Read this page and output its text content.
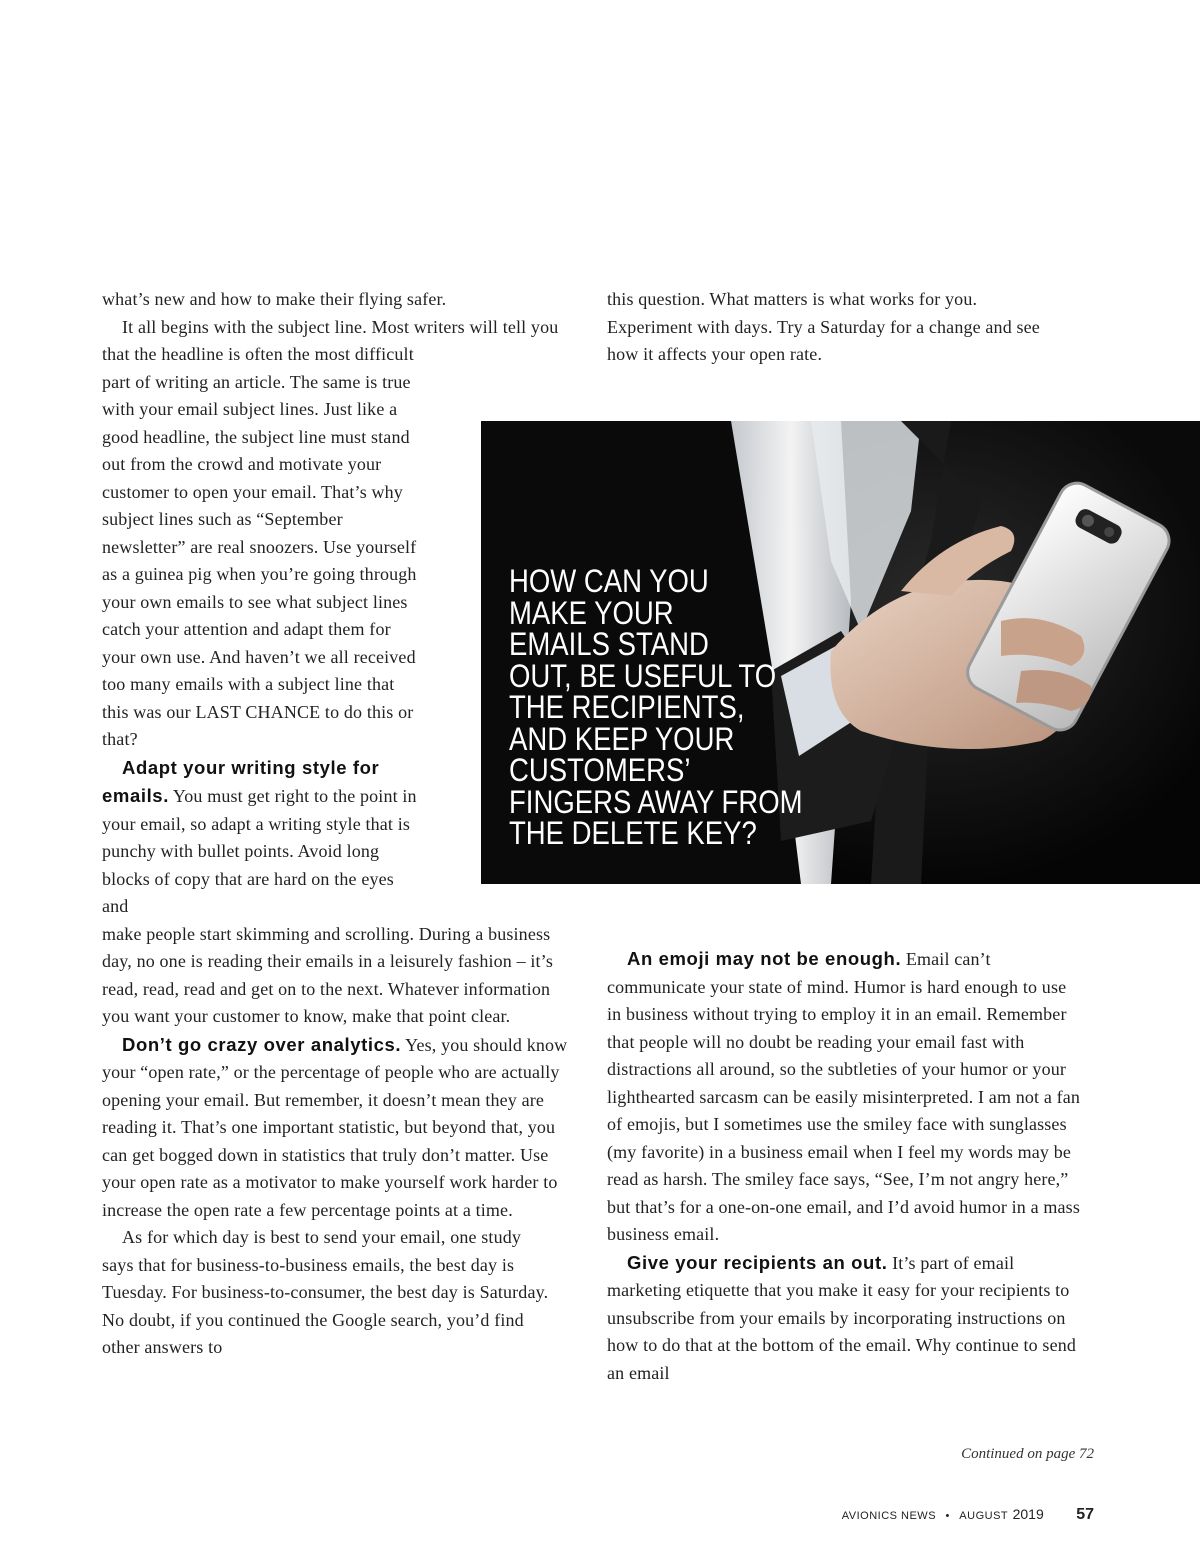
what’s new and how to make their flying safer.

It all begins with the subject line. Most writers will tell you that the headline is often the most difficult

part of writing an article. The same is true with your email subject lines. Just like a good headline, the subject line must stand out from the crowd and motivate your customer to open your email. That’s why subject lines such as “September newsletter” are real snoozers. Use yourself as a guinea pig when you’re going through your own emails to see what subject lines catch your attention and adapt them for your own use. And haven’t we all received too many emails with a subject line that this was our LAST CHANCE to do this or that?

Adapt your writing style for emails. You must get right to the point in your email, so adapt a writing style that is punchy with bullet points. Avoid long blocks of copy that are hard on the eyes and

make people start skimming and scrolling. During a business day, no one is reading their emails in a leisurely fashion – it’s read, read, read and get on to the next. Whatever information you want your customer to know, make that point clear.

Don’t go crazy over analytics. Yes, you should know your “open rate,” or the percentage of people who are actually opening your email. But remember, it doesn’t mean they are reading it. That’s one important statistic, but beyond that, you can get bogged down in statistics that truly don’t matter. Use your open rate as a motivator to make yourself work harder to increase the open rate a few percentage points at a time.

As for which day is best to send your email, one study says that for business-to-business emails, the best day is Tuesday. For business-to-consumer, the best day is Saturday. No doubt, if you continued the Google search, you’d find other answers to

this question. What matters is what works for you. Experiment with days. Try a Saturday for a change and see how it affects your open rate.

HOW CAN YOU
MAKE YOUR
EMAILS STAND
OUT, BE USEFUL TO
THE RECIPIENTS,
AND KEEP YOUR
CUSTOMERS’
FINGERS AWAY FROM
THE DELETE KEY?

An emoji may not be enough. Email can’t communicate your state of mind. Humor is hard enough to use in business without trying to employ it in an email. Remember that people will no doubt be reading your email fast with distractions all around, so the subtleties of your humor or your lighthearted sarcasm can be easily misinterpreted. I am not a fan of emojis, but I sometimes use the smiley face with sunglasses (my favorite) in a business email when I feel my words may be read as harsh. The smiley face says, “See, I’m not angry here,” but that’s for a one-on-one email, and I’d avoid humor in a mass business email.

Give your recipients an out. It’s part of email marketing etiquette that you make it easy for your recipients to unsubscribe from your emails by incorporating instructions on how to do that at the bottom of the email. Why continue to send an email

Continued on page 72

AVIONICS NEWS • AUGUST 2019 57
